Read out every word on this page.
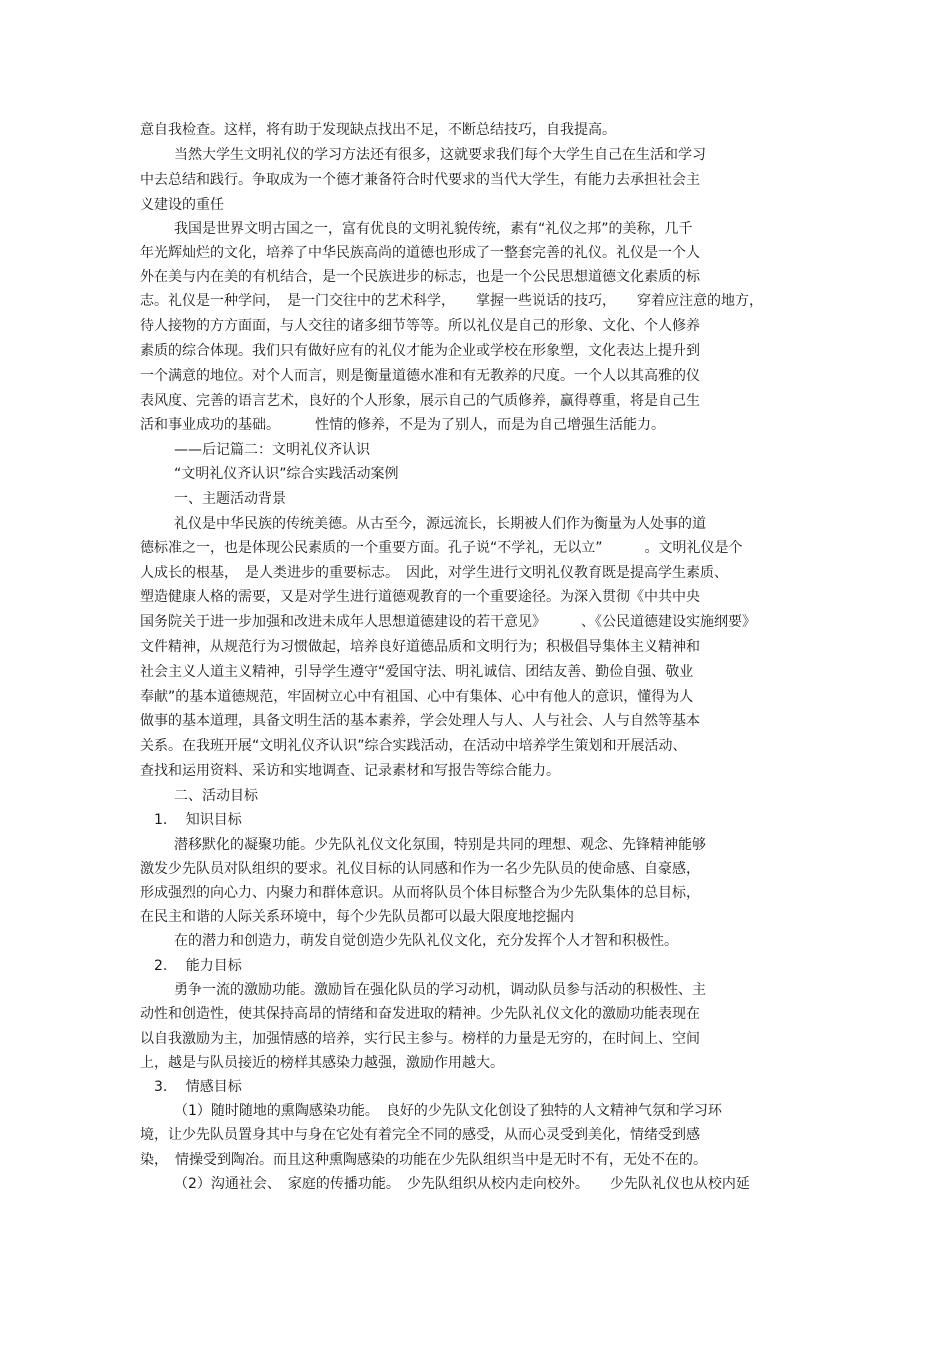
意自我检查。这样，将有助于发现缺点找出不足，不断总结技巧，自我提高。
当然大学生文明礼仪的学习方法还有很多，这就要求我们每个大学生自己在生活和学习
中去总结和践行。争取成为一个德才兼备符合时代要求的当代大学生，有能力去承担社会主
义建设的重任
我国是世界文明古国之一，富有优良的文明礼貌传统，素有“礼仪之邦”的美称，几千
年光辉灿烂的文化，培养了中华民族高尚的道德也形成了一整套完善的礼仪。礼仪是一个人
外在美与内在美的有机结合，是一个民族进步的标志，也是一个公民思想道德文化素质的标
志。礼仪是一种学问，　是一门交往中的艺术科学，　　掌握一些说话的技巧，　　穿着应注意的地方，
待人接物的方方面面，与人交往的诸多细节等等。所以礼仪是自己的形象、文化、个人修养
素质的综合体现。我们只有做好应有的礼仪才能为企业或学校在形象塑，文化表达上提升到
一个满意的地位。对个人而言，则是衡量道德水准和有无教养的尺度。一个人以其高雅的仪
表风度、完善的语言艺术，良好的个人形象，展示自己的气质修养，赢得尊重，将是自己生
活和事业成功的基础。　　　性情的修养，不是为了别人，而是为自己增强生活能力。
——后记篇二：文明礼仪齐认识
“文明礼仪齐认识”综合实践活动案例
一、主题活动背景
礼仪是中华民族的传统美德。从古至今，源远流长，长期被人们作为衡量为人处事的道
德标准之一，也是体现公民素质的一个重要方面。孔子说“不学礼，无以立”　　　。文明礼仪是个
人成长的根基，　是人类进步的重要标志。　因此，对学生进行文明礼仪教育既是提高学生素质、
塑造健康人格的需要，又是对学生进行道德观教育的一个重要途径。为深入贯彻《中共中央
国务院关于进一步加强和改进未成年人思想道德建设的若干意见》　　　、《公民道德建设实施纲要》
文件精神，从规范行为习惯做起，培养良好道德品质和文明行为；积极倡导集体主义精神和
社会主义人道主义精神，引导学生遵守“爱国守法、明礼诚信、团结友善、勤俭自强、敬业
奉献”的基本道德规范，牢固树立心中有祖国、心中有集体、心中有他人的意识，懂得为人
做事的基本道理，具备文明生活的基本素养，学会处理人与人、人与社会、人与自然等基本
关系。在我班开展“文明礼仪齐认识”综合实践活动，在活动中培养学生策划和开展活动、
查找和运用资料、采访和实地调查、记录素材和写报告等综合能力。
二、活动目标
1.　 知识目标
潜移默化的凝聚功能。少先队礼仪文化氛围，特别是共同的理想、观念、先锋精神能够
激发少先队员对队组织的要求。礼仪目标的认同感和作为一名少先队员的使命感、自豪感，
形成强烈的向心力、内聚力和群体意识。从而将队员个体目标整合为少先队集体的总目标，
在民主和谐的人际关系环境中，每个少先队员都可以最大限度地挖掘内
在的潜力和创造力，萌发自觉创造少先队礼仪文化，充分发挥个人才智和积极性。
2.　 能力目标
勇争一流的激励功能。激励旨在强化队员的学习动机，调动队员参与活动的积极性、主
动性和创造性，使其保持高昂的情绪和奋发进取的精神。少先队礼仪文化的激励功能表现在
以自我激励为主，加强情感的培养，实行民主参与。榜样的力量是无穷的，在时间上、空间
上，越是与队员接近的榜样其感染力越强，激励作用越大。
3.　 情感目标
（1）随时随地的熏陶感染功能。　良好的少先队文化创设了独特的人文精神气氛和学习环
境，让少先队员置身其中与身在它处有着完全不同的感受，从而心灵受到美化，情绪受到感
染，　情操受到陶冶。而且这种熏陶感染的功能在少先队组织当中是无时不有，无处不在的。
（2）沟通社会、　家庭的传播功能。　少先队组织从校内走向校外。　　少先队礼仪也从校内延
